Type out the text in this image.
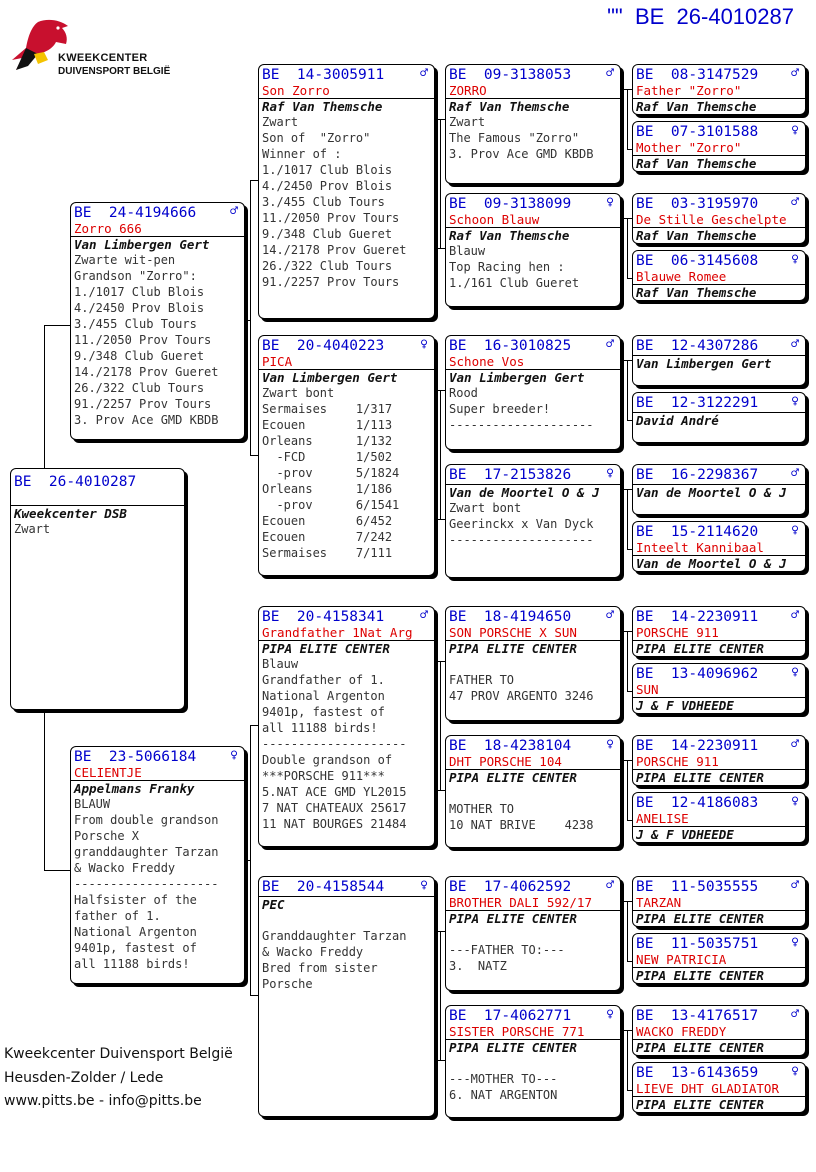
""  BE  26-4010287
KWEEKCENTER
DUIVENSPORT BELGIË
BE  26-4010287
Kweekcenter DSB
Zwart
BE  24-4194666	♂
Zorro 666
Van Limbergen Gert
Zwarte wit-pen
Grandson "Zorro":
1./1017 Club Blois
4./2450 Prov Blois
3./455 Club Tours
11./2050 Prov Tours
9./348 Club Gueret
14./2178 Prov Gueret
26./322 Club Tours
91./2257 Prov Tours
3. Prov Ace GMD KBDB
BE  23-5066184	♀
CELIENTJE
Appelmans Franky
BLAUW
From double grandson
Porsche X
granddaughter Tarzan
& Wacko Freddy
--------------------
Halfsister of the
father of 1.
National Argenton
9401p, fastest of
all 11188 birds!
BE  14-3005911	♂
Son Zorro
Raf Van Themsche
Zwart
Son of  "Zorro"
Winner of :
1./1017 Club Blois
4./2450 Prov Blois
3./455 Club Tours
11./2050 Prov Tours
9./348 Club Gueret
14./2178 Prov Gueret
26./322 Club Tours
91./2257 Prov Tours
BE  20-4040223	♀
PICA
Van Limbergen Gert
Zwart bont
Sermaises    1/317
Ecouen       1/113
Orleans      1/132
-FCD       1/502
-prov      5/1824
Orleans      1/186
-prov      6/1541
Ecouen       6/452
Ecouen       7/242
Sermaises    7/111
BE  20-4158341	♂
Grandfather 1Nat Arg
PIPA ELITE CENTER
Blauw
Grandfather of 1.
National Argenton
9401p, fastest of
all 11188 birds!
--------------------
Double grandson of
***PORSCHE 911***
5.NAT ACE GMD YL2015
7 NAT CHATEAUX 25617
11 NAT BOURGES 21484
BE  20-4158544	♀
PEC
Granddaughter Tarzan
& Wacko Freddy
Bred from sister
Porsche
BE  09-3138053	♂
ZORRO
Raf Van Themsche
Zwart
The Famous "Zorro"
3. Prov Ace GMD KBDB
BE  09-3138099	♀
Schoon Blauw
Raf Van Themsche
Blauw
Top Racing hen :
1./161 Club Gueret
BE  16-3010825	♂
Schone Vos
Van Limbergen Gert
Rood
Super breeder!
--------------------
BE  17-2153826	♀
Van de Moortel O & J
Zwart bont
Geerinckx x Van Dyck
--------------------
BE  18-4194650	♂
SON PORSCHE X SUN
PIPA ELITE CENTER
FATHER TO
47 PROV ARGENTO 3246
BE  18-4238104	♀
DHT PORSCHE 104
PIPA ELITE CENTER
MOTHER TO
10 NAT BRIVE    4238
BE  17-4062592	♂
BROTHER DALI 592/17
PIPA ELITE CENTER
---FATHER TO:---
3.  NATZ
BE  17-4062771	♀
SISTER PORSCHE 771
PIPA ELITE CENTER
---MOTHER TO---
6. NAT ARGENTON
BE  08-3147529	♂
Father "Zorro"
Raf Van Themsche
BE  07-3101588	♀
Mother "Zorro"
Raf Van Themsche
BE  03-3195970	♂
De Stille Geschelpte
Raf Van Themsche
BE  06-3145608	♀
Blauwe Romee
Raf Van Themsche
BE  12-4307286	♂
Van Limbergen Gert
BE  12-3122291	♀
David André
BE  16-2298367	♂
Van de Moortel O & J
BE  15-2114620	♀
Inteelt Kannibaal
Van de Moortel O & J
BE  14-2230911	♂
PORSCHE 911
PIPA ELITE CENTER
BE  13-4096962	♀
SUN
J & F VDHEEDE
BE  14-2230911	♂
PORSCHE 911
PIPA ELITE CENTER
BE  12-4186083	♀
ANELISE
J & F VDHEEDE
BE  11-5035555	♂
TARZAN
PIPA ELITE CENTER
BE  11-5035751	♀
NEW PATRICIA
PIPA ELITE CENTER
BE  13-4176517	♂
WACKO FREDDY
PIPA ELITE CENTER
BE  13-6143659	♀
LIEVE DHT GLADIATOR
PIPA ELITE CENTER
Kweekcenter Duivensport België
Heusden-Zolder / Lede
www.pitts.be - info@pitts.be
